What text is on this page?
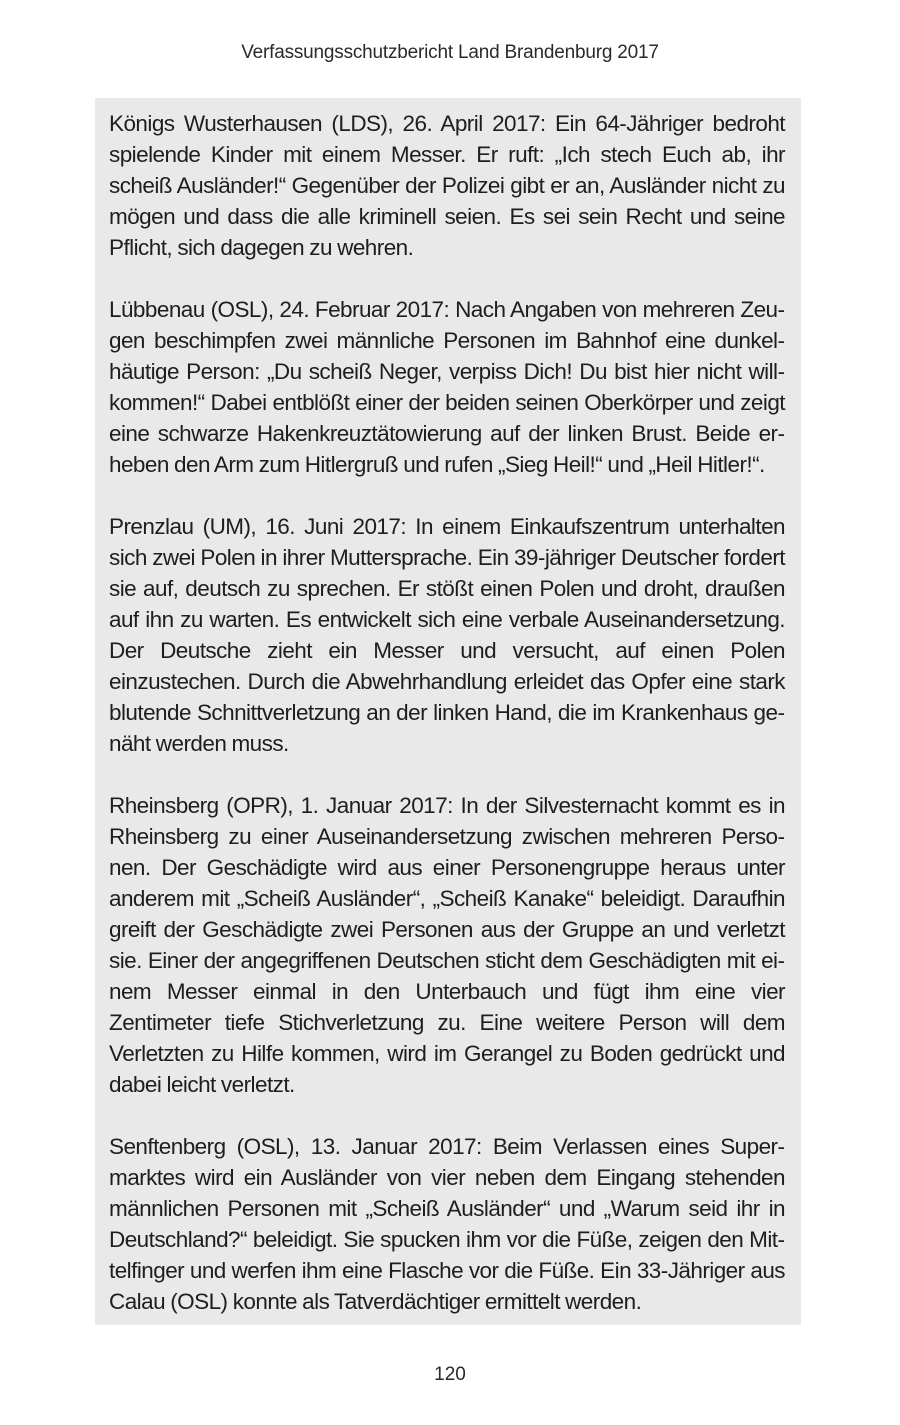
Verfassungsschutzbericht Land Brandenburg 2017

Königs Wusterhausen (LDS), 26. April 2017: Ein 64-Jähriger bedroht spielende Kinder mit einem Messer. Er ruft: „Ich stech Euch ab, ihr scheiß Ausländer!“ Gegenüber der Polizei gibt er an, Ausländer nicht zu mögen und dass die alle kriminell seien. Es sei sein Recht und seine Pflicht, sich dagegen zu wehren.

Lübbenau (OSL), 24. Februar 2017: Nach Angaben von mehreren Zeugen beschimpfen zwei männliche Personen im Bahnhof eine dunkelhäutige Person: „Du scheiß Neger, verpiss Dich! Du bist hier nicht willkommen!“ Dabei entblößt einer der beiden seinen Oberkörper und zeigt eine schwarze Hakenkreuztätowierung auf der linken Brust. Beide erheben den Arm zum Hitlergruß und rufen „Sieg Heil!“ und „Heil Hitler!“.

Prenzlau (UM), 16. Juni 2017: In einem Einkaufszentrum unterhalten sich zwei Polen in ihrer Muttersprache. Ein 39-jähriger Deutscher fordert sie auf, deutsch zu sprechen. Er stößt einen Polen und droht, draußen auf ihn zu warten. Es entwickelt sich eine verbale Auseinandersetzung. Der Deutsche zieht ein Messer und versucht, auf einen Polen einzustechen. Durch die Abwehrhandlung erleidet das Opfer eine stark blutende Schnittverletzung an der linken Hand, die im Krankenhaus genäht werden muss.

Rheinsberg (OPR), 1. Januar 2017: In der Silvesternacht kommt es in Rheinsberg zu einer Auseinandersetzung zwischen mehreren Personen. Der Geschädigte wird aus einer Personengruppe heraus unter anderem mit „Scheiß Ausländer“, „Scheiß Kanake“ beleidigt. Daraufhin greift der Geschädigte zwei Personen aus der Gruppe an und verletzt sie. Einer der angegriffenen Deutschen sticht dem Geschädigten mit einem Messer einmal in den Unterbauch und fügt ihm eine vier Zentimeter tiefe Stichverletzung zu. Eine weitere Person will dem Verletzten zu Hilfe kommen, wird im Gerangel zu Boden gedrückt und dabei leicht verletzt.

Senftenberg (OSL), 13. Januar 2017: Beim Verlassen eines Supermarktes wird ein Ausländer von vier neben dem Eingang stehenden männlichen Personen mit „Scheiß Ausländer“ und „Warum seid ihr in Deutschland?“ beleidigt. Sie spucken ihm vor die Füße, zeigen den Mittelfinger und werfen ihm eine Flasche vor die Füße. Ein 33-Jähriger aus Calau (OSL) konnte als Tatverdächtiger ermittelt werden.

120
